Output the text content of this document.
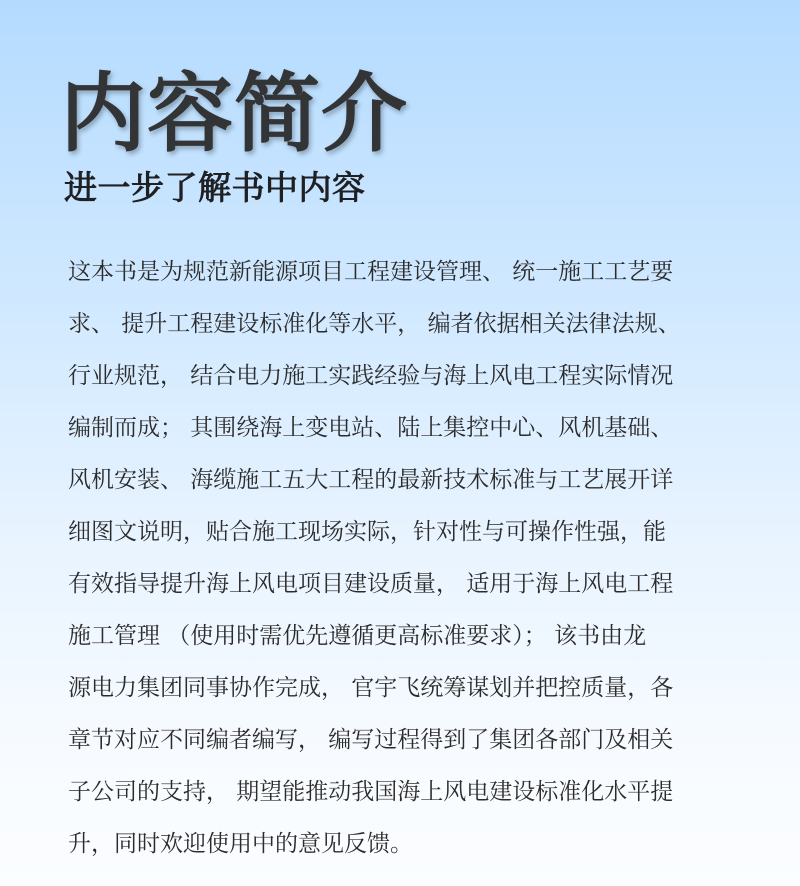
内容简介
进一步了解书中内容
这本书是为规范新能源项目工程建设管理、 统一施工工艺要
求、 提升工程建设标准化等水平， 编者依据相关法律法规、
行业规范， 结合电力施工实践经验与海上风电工程实际情况
编制而成； 其围绕海上变电站、陆上集控中心、风机基础、
风机安装、 海缆施工五大工程的最新技术标准与工艺展开详
细图文说明，贴合施工现场实际，针对性与可操作性强，能
有效指导提升海上风电项目建设质量， 适用于海上风电工程
施工管理 （使用时需优先遵循更高标准要求）； 该书由龙
源电力集团同事协作完成， 官宇飞统筹谋划并把控质量，各
章节对应不同编者编写， 编写过程得到了集团各部门及相关
子公司的支持， 期望能推动我国海上风电建设标准化水平提
升，同时欢迎使用中的意见反馈。
